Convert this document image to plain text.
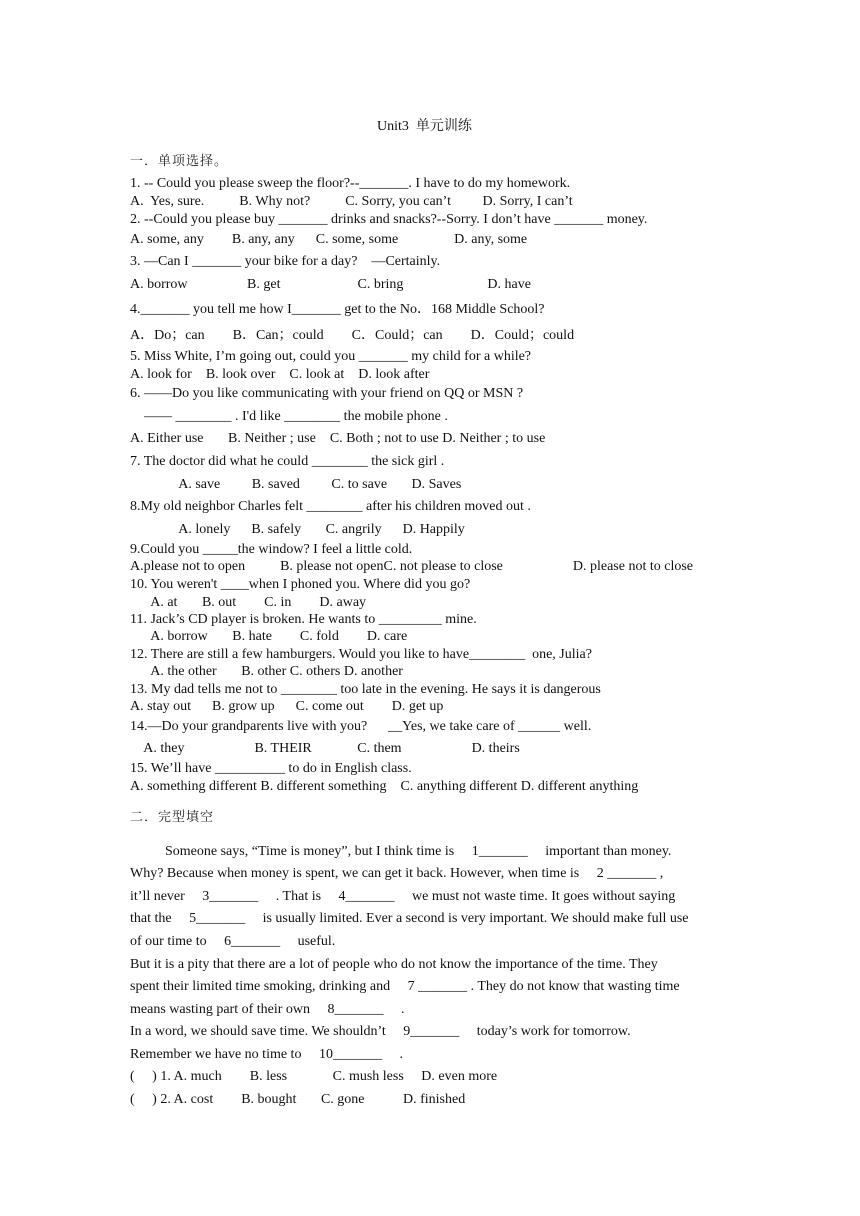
Unit3  单元训练
一．单项选择。
1. -- Could you please sweep the floor?--_______. I have to do my homework.
A.  Yes, sure.          B. Why not?          C. Sorry, you can’t         D. Sorry, I can’t
2. --Could you please buy _______ drinks and snacks?--Sorry. I don’t have _______ money.
A. some, any        B. any, any      C. some, some                D. any, some
3. —Can I _______ your bike for a day?    —Certainly.
A. borrow                 B. get                      C. bring                        D. have
4._______ you tell me how I_______ get to the No．168 Middle School?
A．Do；can        B．Can；could        C．Could；can        D．Could；could
5. Miss White, I’m going out, could you _______ my child for a while?
A. look for    B. look over    C. look at    D. look after
6. ——Do you like communicating with your friend on QQ or MSN ?
—— ________ . I'd like ________ the mobile phone .
A. Either use       B. Neither ; use    C. Both ; not to use D. Neither ; to use
7. The doctor did what he could ________ the sick girl .
A. save         B. saved         C. to save       D. Saves
8.My old neighbor Charles felt ________ after his children moved out .
A. lonely      B. safely       C. angrily      D. Happily
9.Could you _____the window? I feel a little cold.
A.please not to open          B. please not openC. not please to close                    D. please not to close
10. You weren't ____when I phoned you. Where did you go?
A. at       B. out        C. in        D. away
11. Jack’s CD player is broken. He wants to _________ mine.
A. borrow       B. hate        C. fold        D. care
12. There are still a few hamburgers. Would you like to have________  one, Julia?
A. the other       B. other C. others D. another
13. My dad tells me not to ________ too late in the evening. He says it is dangerous
A. stay out      B. grow up      C. come out        D. get up
14.—Do your grandparents live with you?      __Yes, we take care of ______ well.
A. they                    B. THEIR             C. them                    D. theirs
15. We’ll have __________ to do in English class.
A. something different B. different something    C. anything different D. different anything
二．完型填空
Someone says, “Time is money”, but I think time is     1_______     important than money.
Why? Because when money is spent, we can get it back. However, when time is     2 _______ ,
it’ll never     3_______     . That is     4_______     we must not waste time. It goes without saying
that the     5_______     is usually limited. Ever a second is very important. We should make full use
of our time to     6_______     useful.
But it is a pity that there are a lot of people who do not know the importance of the time. They
spent their limited time smoking, drinking and     7 _______ . They do not know that wasting time
means wasting part of their own     8_______     .
In a word, we should save time. We shouldn’t     9_______     today’s work for tomorrow.
Remember we have no time to     10_______     .
(     ) 1. A. much        B. less             C. mush less     D. even more
(     ) 2. A. cost        B. bought       C. gone           D. finished
